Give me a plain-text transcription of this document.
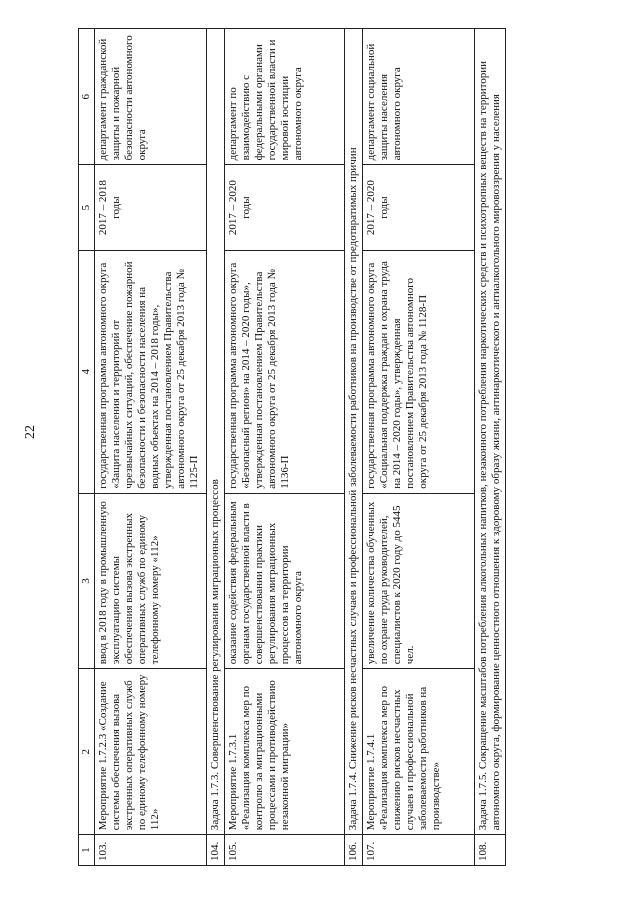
22
1	2	3	4	5	6
103.	Мероприятие 1.7.2.3 «Создание системы обеспечения вызова экстренных оперативных служб по единому телефонному номеру 112»	ввод в 2018 году в промышленную эксплуатацию системы обеспечения вызова экстренных оперативных служб по единому телефонному номеру «112»	государственная программа автономного округа «Защита населения и территорий от чрезвычайных ситуаций, обеспечение пожарной безопасности и безопасности населения на водных объектах на 2014 – 2018 годы», утвержденная постановлением Правительства автономного округа от 25 декабря 2013 года № 1125-П	2017 – 2018 годы	департамент гражданской защиты и пожарной безопасности автономного округа
104.	Задача 1.7.3. Совершенствование регулирования миграционных процессов				
105.	Мероприятие 1.7.3.1 «Реализация комплекса мер по контролю за миграционными процессами и противодействию незаконной миграции»	оказание содействия федеральным органам государственной власти в совершенствовании практики регулирования миграционных процессов на территории автономного округа	государственная программа автономного округа «Безопасный регион» на 2014 – 2020 годы», утвержденная постановлением Правительства автономного округа от 25 декабря 2013 года № 1136-П	2017 – 2020 годы	департамент по взаимодействию с федеральными органами государственной власти и мировой юстиции автономного округа
106.	Задача 1.7.4. Снижение рисков несчастных случаев и профессиональной заболеваемости работников на производстве от предотвратимых причин				
107.	Мероприятие 1.7.4.1 «Реализация комплекса мер по снижению рисков несчастных случаев и профессиональной заболеваемости работников на производстве»	увеличение количества обученных по охране труда руководителей, специалистов к 2020 году до 5445 чел.	государственная программа автономного округа «Социальная поддержка граждан и охрана труда на 2014 – 2020 годы», утвержденная постановлением Правительства автономного округа от 25 декабря 2013 года № 1128-П	2017 – 2020 годы	департамент социальной защиты населения автономного округа
108.	Задача 1.7.5. Сокращение масштабов потребления алкогольных напитков, незаконного потребления наркотических средств и психотропных веществ на территории автономного округа, формирование ценностного отношения к здоровому образу жизни, антинаркотического и антиалкогольного мировоззрения у населения				
